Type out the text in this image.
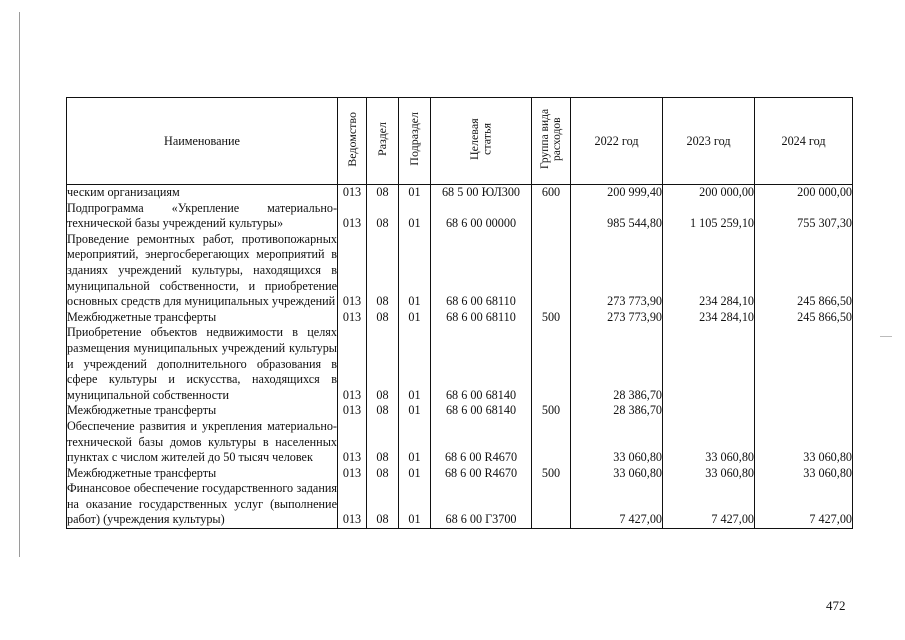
Наименование	Ведомство	Раздел	Подраздел	Целевая статья	Группа вида расходов	2022 год	2023 год	2024 год
ческим организациям	013	08	01	68 5 00 ЮЛ300	600	200 999,40	200 000,00	200 000,00
Подпрограмма «Укрепление материально-технической базы учреждений культуры»	013	08	01	68 6 00 00000		985 544,80	1 105 259,10	755 307,30
Проведение ремонтных работ, противопожарных мероприятий, энергосберегающих мероприятий в зданиях учреждений культуры, находящихся в муниципальной собственности, и приобретение основных средств для муниципальных учреждений	013	08	01	68 6 00 68110		273 773,90	234 284,10	245 866,50
Межбюджетные трансферты	013	08	01	68 6 00 68110	500	273 773,90	234 284,10	245 866,50
Приобретение объектов недвижимости в целях размещения муниципальных учреждений культуры и учреждений дополнительного образования в сфере культуры и искусства, находящихся в муниципальной собственности	013	08	01	68 6 00 68140		28 386,70		
Межбюджетные трансферты	013	08	01	68 6 00 68140	500	28 386,70		
Обеспечение развития и укрепления материально-технической базы домов культуры в населенных пунктах с числом жителей до 50 тысяч человек	013	08	01	68 6 00 R4670		33 060,80	33 060,80	33 060,80
Межбюджетные трансферты	013	08	01	68 6 00 R4670	500	33 060,80	33 060,80	33 060,80
Финансовое обеспечение государственного задания на оказание государственных услуг (выполнение работ) (учреждения культуры)	013	08	01	68 6 00 Г3700		7 427,00	7 427,00	7 427,00
472
